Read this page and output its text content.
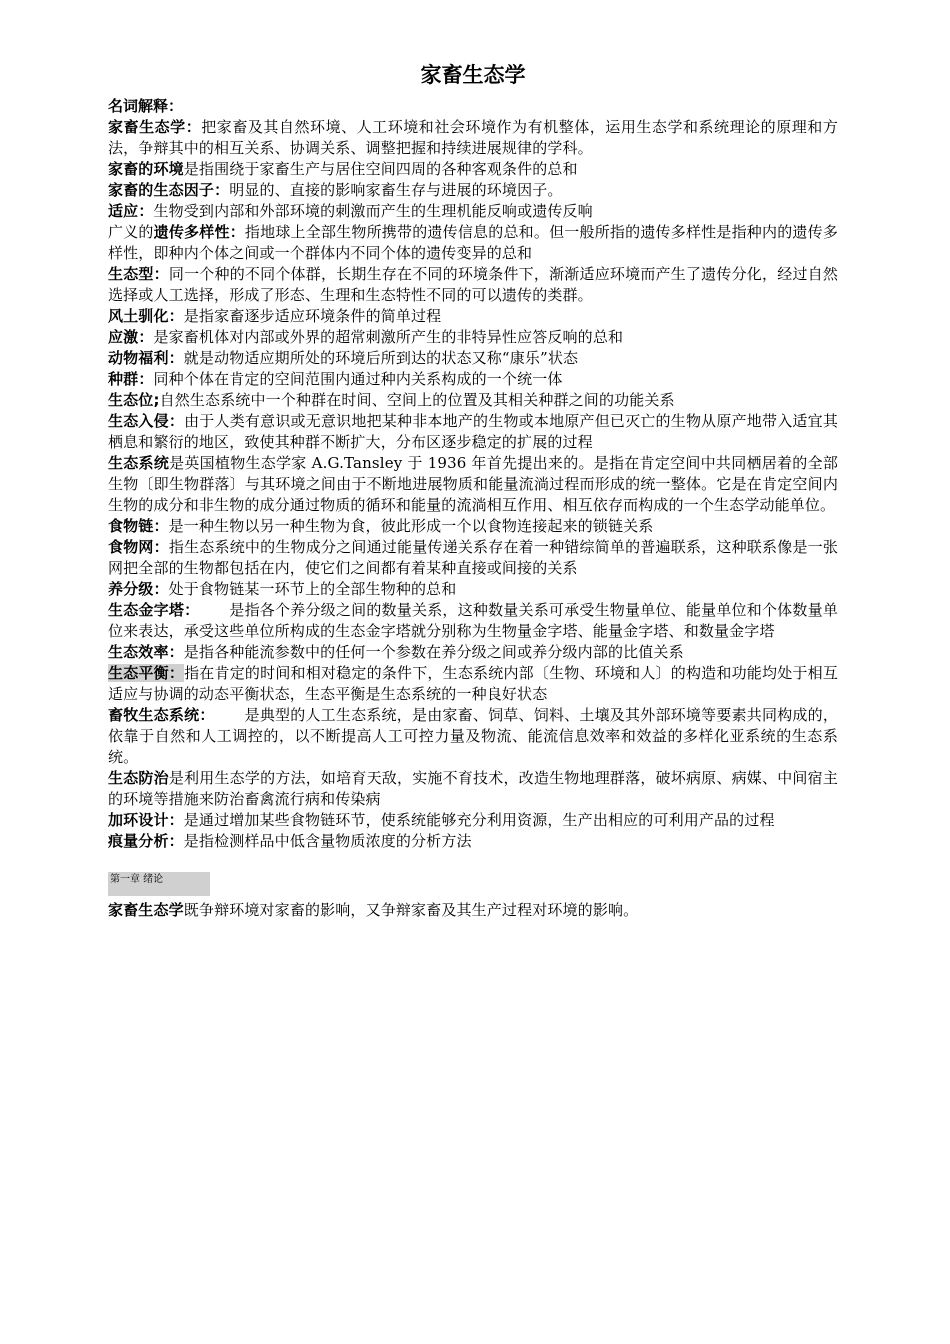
家畜生态学
名词解释：
家畜生态学：把家畜及其自然环境、人工环境和社会环境作为有机整体，运用生态学和系统理论的原理和方法，争辩其中的相互关系、协调关系、调整把握和持续进展规律的学科。
家畜的环境是指围绕于家畜生产与居住空间四周的各种客观条件的总和
家畜的生态因子：明显的、直接的影响家畜生存与进展的环境因子。
适应：生物受到内部和外部环境的刺激而产生的生理机能反响或遗传反响
广义的遗传多样性：指地球上全部生物所携带的遗传信息的总和。但一般所指的遗传多样性是指种内的遗传多样性，即种内个体之间或一个群体内不同个体的遗传变异的总和
生态型：同一个种的不同个体群，长期生存在不同的环境条件下，渐渐适应环境而产生了遗传分化，经过自然选择或人工选择，形成了形态、生理和生态特性不同的可以遗传的类群。
风土驯化：是指家畜逐步适应环境条件的简单过程
应激：是家畜机体对内部或外界的超常刺激所产生的非特异性应答反响的总和
动物福利：就是动物适应期所处的环境后所到达的状态又称“康乐”状态
种群：同种个体在肯定的空间范围内通过种内关系构成的一个统一体
生态位;自然生态系统中一个种群在时间、空间上的位置及其相关种群之间的功能关系
生态入侵：由于人类有意识或无意识地把某种非本地产的生物或本地原产但已灭亡的生物从原产地带入适宜其栖息和繁衍的地区，致使其种群不断扩大，分布区逐步稳定的扩展的过程
生态系统是英国植物生态学家 A.G.Tansley 于 1936 年首先提出来的。是指在肯定空间中共同栖居着的全部生物〔即生物群落〕与其环境之间由于不断地进展物质和能量流淌过程而形成的统一整体。它是在肯定空间内生物的成分和非生物的成分通过物质的循环和能量的流淌相互作用、相互依存而构成的一个生态学动能单位。
食物链：是一种生物以另一种生物为食，彼此形成一个以食物连接起来的锁链关系
食物网：指生态系统中的生物成分之间通过能量传递关系存在着一种错综简单的普遍联系，这种联系像是一张网把全部的生物都包括在内，使它们之间都有着某种直接或间接的关系
养分级：处于食物链某一环节上的全部生物种的总和
生态金字塔： 是指各个养分级之间的数量关系，这种数量关系可承受生物量单位、能量单位和个体数量单位来表达，承受这些单位所构成的生态金字塔就分别称为生物量金字塔、能量金字塔、和数量金字塔
生态效率：是指各种能流参数中的任何一个参数在养分级之间或养分级内部的比值关系
生态平衡：指在肯定的时间和相对稳定的条件下，生态系统内部〔生物、环境和人〕的构造和功能均处于相互适应与协调的动态平衡状态，生态平衡是生态系统的一种良好状态
畜牧生态系统： 是典型的人工生态系统，是由家畜、饲草、饲料、土壤及其外部环境等要素共同构成的，依靠于自然和人工调控的，以不断提高人工可控力量及物流、能流信息效率和效益的多样化亚系统的生态系统。
生态防治是利用生态学的方法，如培育天敌，实施不育技术，改造生物地理群落，破坏病原、病媒、中间宿主的环境等措施来防治畜禽流行病和传染病
加环设计：是通过增加某些食物链环节，使系统能够充分利用资源，生产出相应的可利用产品的过程
痕量分析：是指检测样品中低含量物质浓度的分析方法
第一章 绪论
家畜生态学既争辩环境对家畜的影响，又争辩家畜及其生产过程对环境的影响。
